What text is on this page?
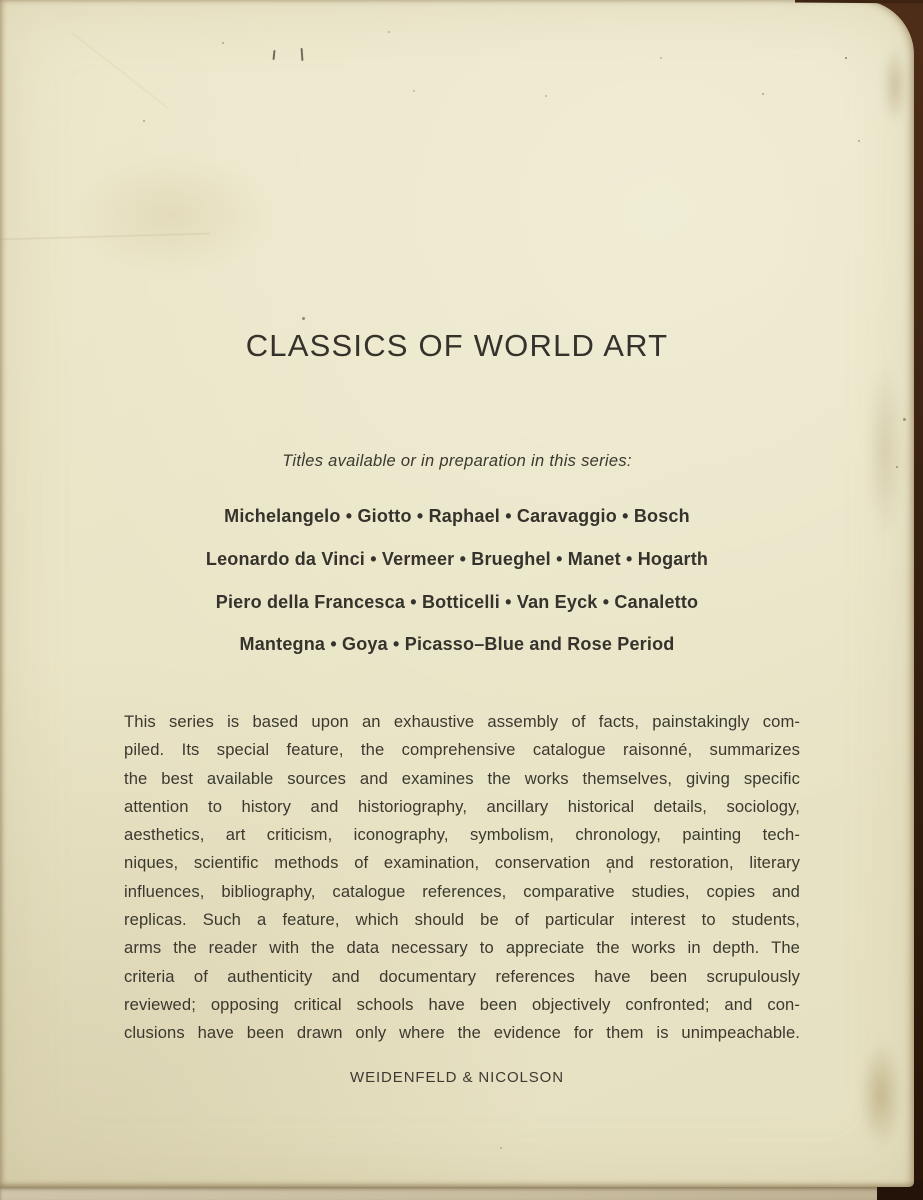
CLASSICS OF WORLD ART

Titles available or in preparation in this series:

Michelangelo • Giotto • Raphael • Caravaggio • Bosch

Leonardo da Vinci • Vermeer • Brueghel • Manet • Hogarth

Piero della Francesca • Botticelli • Van Eyck • Canaletto

Mantegna • Goya • Picasso–Blue and Rose Period

This series is based upon an exhaustive assembly of facts, painstakingly com-
piled. Its special feature, the comprehensive catalogue raisonné, summarizes
the best available sources and examines the works themselves, giving specific
attention to history and historiography, ancillary historical details, sociology,
aesthetics, art criticism, iconography, symbolism, chronology, painting tech-
niques, scientific methods of examination, conservation and restoration, literary
influences, bibliography, catalogue references, comparative studies, copies and
replicas. Such a feature, which should be of particular interest to students,
arms the reader with the data necessary to appreciate the works in depth. The
criteria of authenticity and documentary references have been scrupulously
reviewed; opposing critical schools have been objectively confronted; and con-
clusions have been drawn only where the evidence for them is unimpeachable.

WEIDENFELD & NICOLSON
